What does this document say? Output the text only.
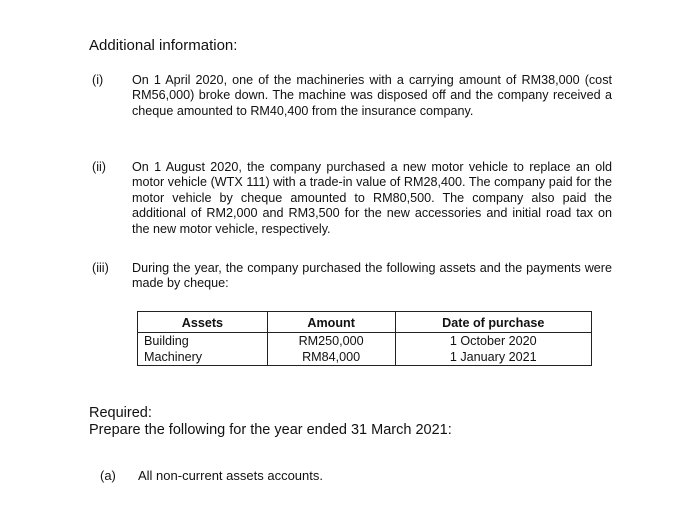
Additional information:
(i) On 1 April 2020, one of the machineries with a carrying amount of RM38,000 (cost RM56,000) broke down. The machine was disposed off and the company received a cheque amounted to RM40,400 from the insurance company.
(ii) On 1 August 2020, the company purchased a new motor vehicle to replace an old motor vehicle (WTX 111) with a trade-in value of RM28,400. The company paid for the motor vehicle by cheque amounted to RM80,500. The company also paid the additional of RM2,000 and RM3,500 for the new accessories and initial road tax on the new motor vehicle, respectively.
(iii) During the year, the company purchased the following assets and the payments were made by cheque:
Assets	Amount	Date of purchase
Building	RM250,000	1 October 2020
Machinery	RM84,000	1 January 2021
Required:
Prepare the following for the year ended 31 March 2021:
(a) All non-current assets accounts.
